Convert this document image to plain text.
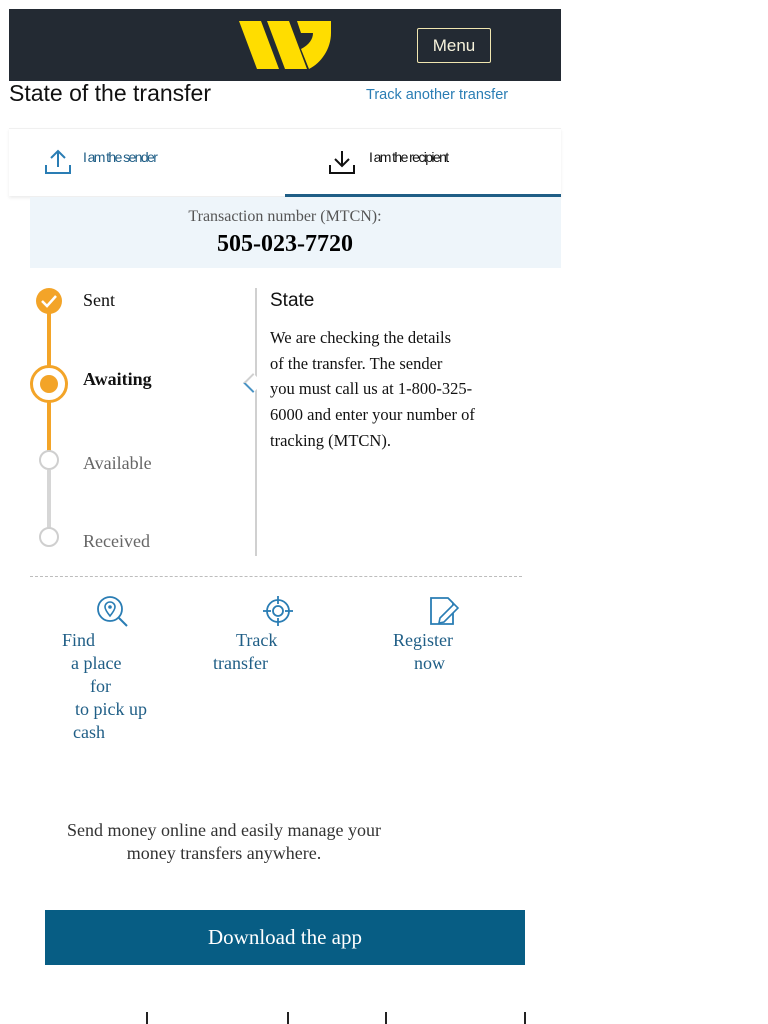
Menu
State of the transfer	Track another transfer
I am the sender	I am the recipient
Transaction number (MTCN):
505-023-7720
Sent
Awaiting
Available
Received
State
We are checking the details
of the transfer. The sender
you must call us at 1-800-325-
6000 and enter your number of
tracking (MTCN).
Find
a place
for
to pick up
cash
Track
transfer
Register
now
Send money online and easily manage your
money transfers anywhere.
Download the app
